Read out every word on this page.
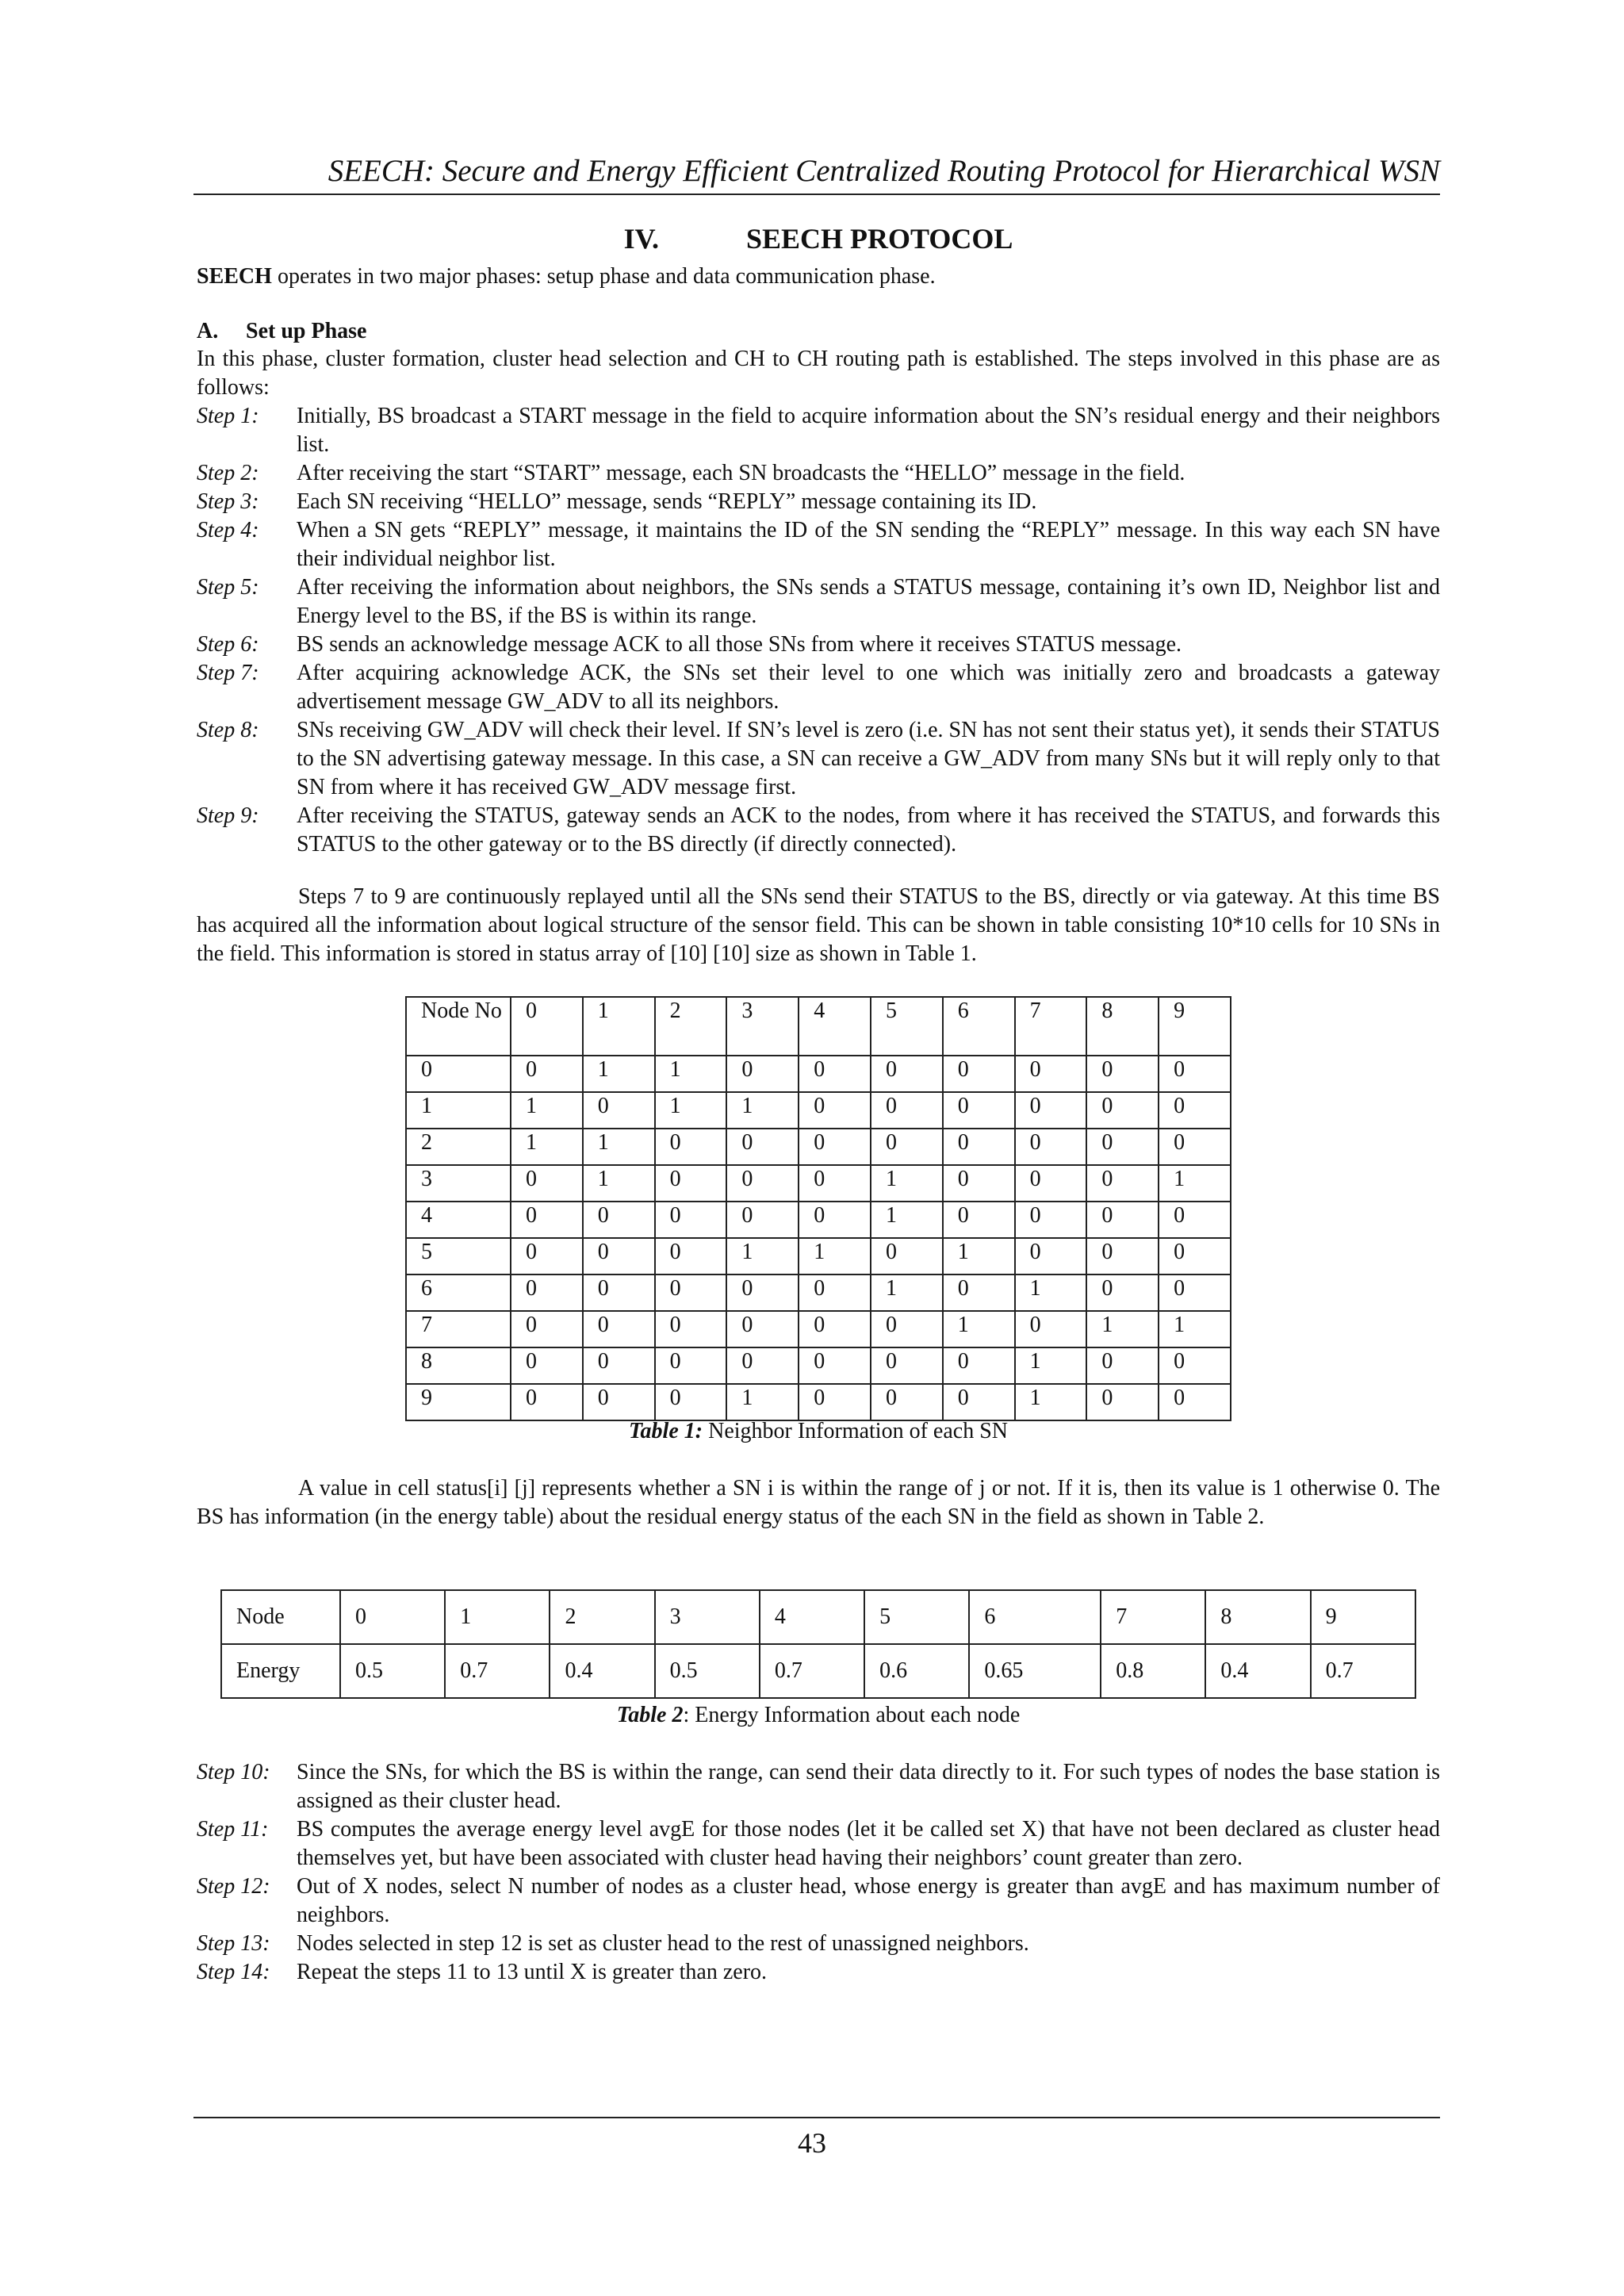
SEECH: Secure and Energy Efficient Centralized Routing Protocol for Hierarchical WSN
IV.	SEECH PROTOCOL
SEECH operates in two major phases: setup phase and data communication phase.
A. Set up Phase
In this phase, cluster formation, cluster head selection and CH to CH routing path is established. The steps involved in this phase are as follows:
Step 1:	Initially, BS broadcast a START message in the field to acquire information about the SN’s residual energy and their neighbors list.
Step 2:	After receiving the start “START” message, each SN broadcasts the “HELLO” message in the field.
Step 3:	Each SN receiving “HELLO” message, sends “REPLY” message containing its ID.
Step 4:	When a SN gets “REPLY” message, it maintains the ID of the SN sending the “REPLY” message. In this way each SN have their individual neighbor list.
Step 5:	After receiving the information about neighbors, the SNs sends a STATUS message, containing it’s own ID, Neighbor list and Energy level to the BS, if the BS is within its range.
Step 6:	BS sends an acknowledge message ACK to all those SNs from where it receives STATUS message.
Step 7:	After acquiring acknowledge ACK, the SNs set their level to one which was initially zero and broadcasts a gateway advertisement message GW_ADV to all its neighbors.
Step 8:	SNs receiving GW_ADV will check their level. If SN’s level is zero (i.e. SN has not sent their status yet), it sends their STATUS to the SN advertising gateway message. In this case, a SN can receive a GW_ADV from many SNs but it will reply only to that SN from where it has received GW_ADV message first.
Step 9:	After receiving the STATUS, gateway sends an ACK to the nodes, from where it has received the STATUS, and forwards this STATUS to the other gateway or to the BS directly (if directly connected).
Steps 7 to 9 are continuously replayed until all the SNs send their STATUS to the BS, directly or via gateway. At this time BS has acquired all the information about logical structure of the sensor field. This can be shown in table consisting 10*10 cells for 10 SNs in the field. This information is stored in status array of [10] [10] size as shown in Table 1.
Node No	0	1	2	3	4	5	6	7	8	9
0	0	1	1	0	0	0	0	0	0	0
1	1	0	1	1	0	0	0	0	0	0
2	1	1	0	0	0	0	0	0	0	0
3	0	1	0	0	0	1	0	0	0	1
4	0	0	0	0	0	1	0	0	0	0
5	0	0	0	1	1	0	1	0	0	0
6	0	0	0	0	0	1	0	1	0	0
7	0	0	0	0	0	0	1	0	1	1
8	0	0	0	0	0	0	0	1	0	0
9	0	0	0	1	0	0	0	1	0	0
Table 1: Neighbor Information of each SN
A value in cell status[i] [j] represents whether a SN i is within the range of j or not. If it is, then its value is 1 otherwise 0. The BS has information (in the energy table) about the residual energy status of the each SN in the field as shown in Table 2.
Node	0	1	2	3	4	5	6	7	8	9
Energy	0.5	0.7	0.4	0.5	0.7	0.6	0.65	0.8	0.4	0.7
Table 2: Energy Information about each node
Step 10:	Since the SNs, for which the BS is within the range, can send their data directly to it. For such types of nodes the base station is assigned as their cluster head.
Step 11:	BS computes the average energy level avgE for those nodes (let it be called set X) that have not been declared as cluster head themselves yet, but have been associated with cluster head having their neighbors’ count greater than zero.
Step 12:	Out of X nodes, select N number of nodes as a cluster head, whose energy is greater than avgE and has maximum number of neighbors.
Step 13:	Nodes selected in step 12 is set as cluster head to the rest of unassigned neighbors.
Step 14:	Repeat the steps 11 to 13 until X is greater than zero.
43
